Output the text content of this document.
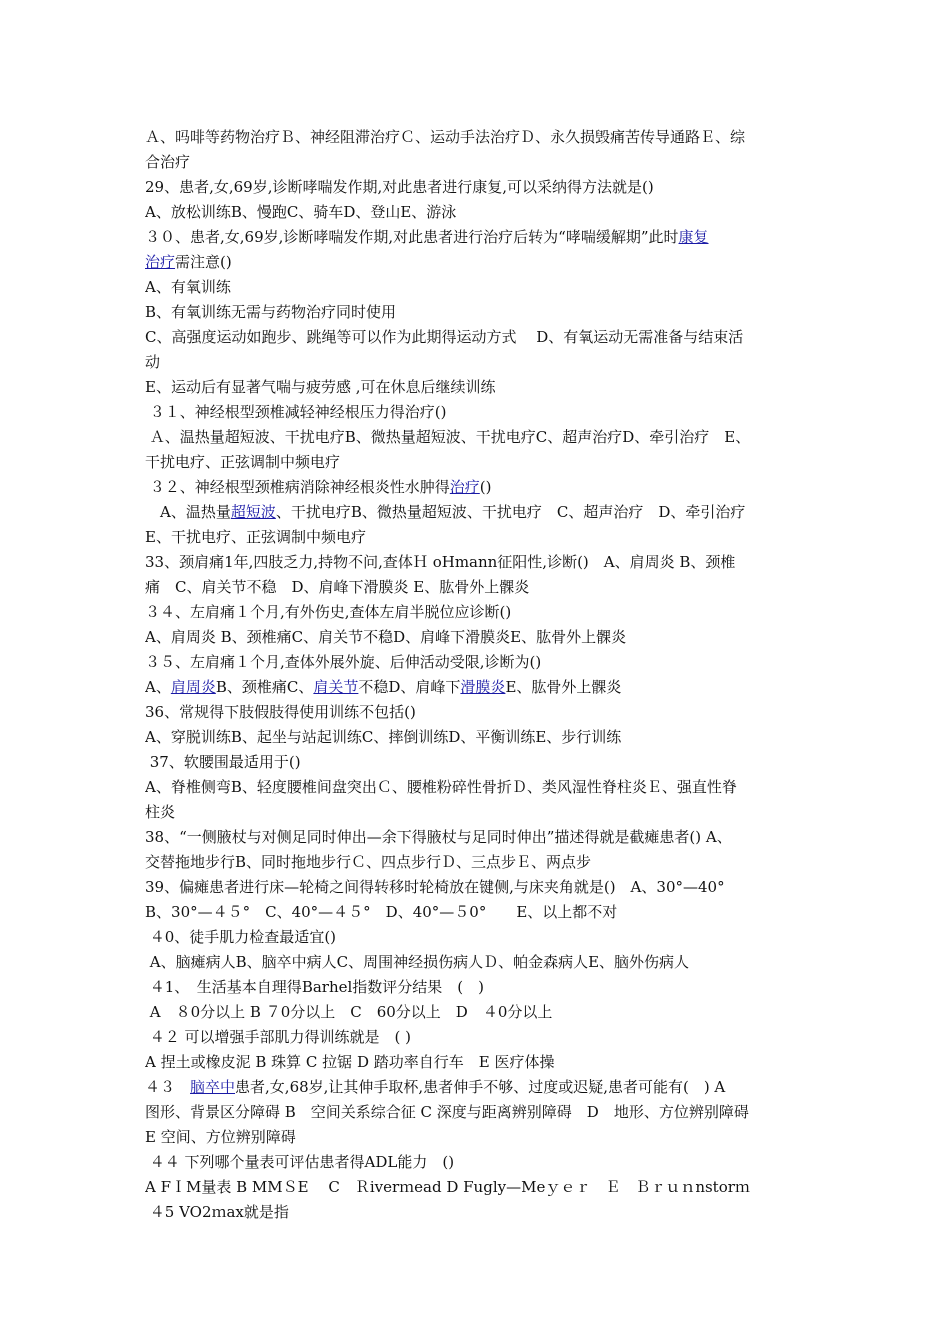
Ａ、吗啡等药物治疗Ｂ、神经阻滞治疗Ｃ、运动手法治疗Ｄ、永久损毁痛苦传导通路Ｅ、综
合治疗
29、患者,女,69岁,诊断哮喘发作期,对此患者进行康复,可以采纳得方法就是()
A、放松训练B、慢跑C、骑车D、登山E、游泳
３０、患者,女,69岁,诊断哮喘发作期,对此患者进行治疗后转为“哮喘缓解期”此时康复
治疗需注意()
A、有氧训练
B、有氧训练无需与药物治疗同时使用
C、高强度运动如跑步、跳绳等可以作为此期得运动方式　 D、有氧运动无需准备与结束活
动
E、运动后有显著气喘与疲劳感 ,可在休息后继续训练
３１、神经根型颈椎减轻神经根压力得治疗()
Ａ、温热量超短波、干扰电疗B、微热量超短波、干扰电疗C、超声治疗D、牵引治疗　E、
干扰电疗、正弦调制中频电疗
３２、神经根型颈椎病消除神经根炎性水肿得治疗()
　A、温热量超短波、干扰电疗B、微热量超短波、干扰电疗　C、超声治疗　D、牵引治疗
E、干扰电疗、正弦调制中频电疗
33、颈肩痛1年,四肢乏力,持物不问,查体Ｈ oHmann征阳性,诊断()　A、肩周炎 B、颈椎
痛　C、肩关节不稳　D、肩峰下滑膜炎 E、肱骨外上髁炎
３４、左肩痛１个月,有外伤史,查体左肩半脱位应诊断()
A、肩周炎 B、颈椎痛C、肩关节不稳D、肩峰下滑膜炎E、肱骨外上髁炎
３５、左肩痛１个月,查体外展外旋、后伸活动受限,诊断为()
A、肩周炎B、颈椎痛C、肩关节不稳D、肩峰下滑膜炎E、肱骨外上髁炎
36、常规得下肢假肢得使用训练不包括()
A、穿脱训练B、起坐与站起训练C、摔倒训练D、平衡训练E、步行训练
37、软腰围最适用于()
A、脊椎侧弯B、轻度腰椎间盘突出Ｃ、腰椎粉碎性骨折Ｄ、类风湿性脊柱炎Ｅ、强直性脊
柱炎
38、“一侧腋杖与对侧足同时伸出—余下得腋杖与足同时伸出”描述得就是截瘫患者() A、
交替拖地步行B、同时拖地步行Ｃ、四点步行Ｄ、三点步Ｅ、两点步
39、偏瘫患者进行床—轮椅之间得转移时轮椅放在键侧,与床夹角就是()　A、30°—40°
B、30°—４５°　C、40°—４５°　D、40°—５0°　　E、以上都不对
４0、徒手肌力检查最适宜()
A、脑瘫病人B、脑卒中病人C、周围神经损伤病人Ｄ、帕金森病人E、脑外伤病人
４1、　生活基本自理得Barhel指数评分结果　(　)
A　８0分以上 B ７0分以上　C　60分以上　D　４0分以上
４２ 可以增强手部肌力得训练就是　( )
A 捏土或橡皮泥 B 珠算 C 拉锯 D 踏功率自行车　E 医疗体操
４３　脑卒中患者,女,68岁,让其伸手取杯,患者伸手不够、过度或迟疑,患者可能有(　) A
图形、背景区分障碍 B　空间关系综合征 C 深度与距离辨别障碍　D　地形、方位辨别障碍
E 空间、方位辨别障碍
４４ 下列哪个量表可评估患者得ADL能力　()
A FＩM量表 B MMＳE　 C　Ｒiverｍead D Fugly—Meｙｅｒ　Ｅ　Ｂｒｕｎnstorｍ
４5 VO2ｍax就是指
